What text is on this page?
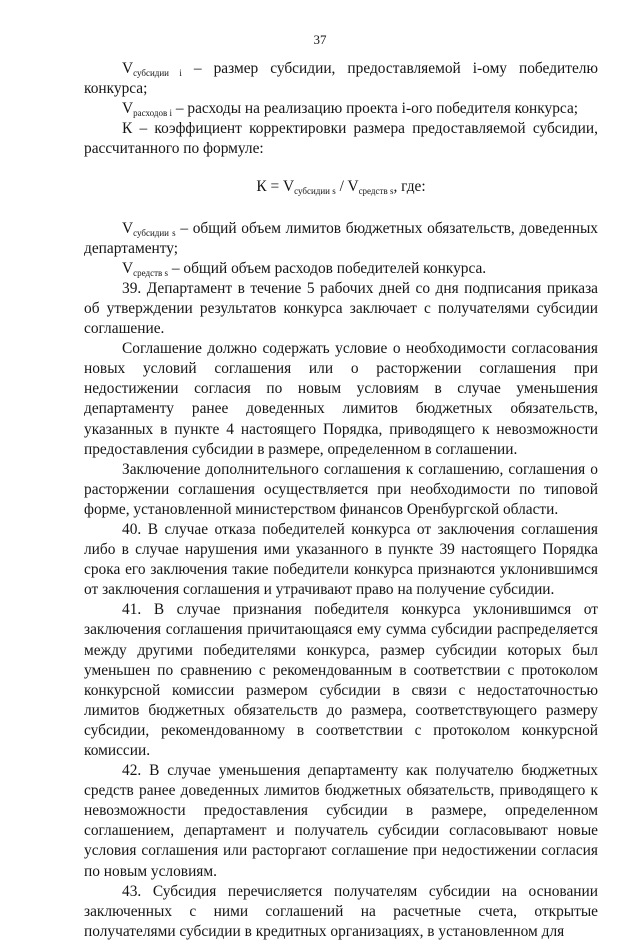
37

$V_{субсидии i}$ – размер субсидии, предоставляемой i-ому победителю конкурса;

$V_{расходов i}$ – расходы на реализацию проекта i-ого победителя конкурса;

К – коэффициент корректировки размера предоставляемой субсидии, рассчитанного по формуле:

$К = V_{субсидии s} / V_{средств s}$, где:

$V_{субсидии s}$ – общий объем лимитов бюджетных обязательств, доведенных департаменту;

$V_{средств s}$ – общий объем расходов победителей конкурса.

39. Департамент в течение 5 рабочих дней со дня подписания приказа об утверждении результатов конкурса заключает с получателями субсидии соглашение.

Соглашение должно содержать условие о необходимости согласования новых условий соглашения или о расторжении соглашения при недостижении согласия по новым условиям в случае уменьшения департаменту ранее доведенных лимитов бюджетных обязательств, указанных в пункте 4 настоящего Порядка, приводящего к невозможности предоставления субсидии в размере, определенном в соглашении.

Заключение дополнительного соглашения к соглашению, соглашения о расторжении соглашения осуществляется при необходимости по типовой форме, установленной министерством финансов Оренбургской области.

40. В случае отказа победителей конкурса от заключения соглашения либо в случае нарушения ими указанного в пункте 39 настоящего Порядка срока его заключения такие победители конкурса признаются уклонившимся от заключения соглашения и утрачивают право на получение субсидии.

41. В случае признания победителя конкурса уклонившимся от заключения соглашения причитающаяся ему сумма субсидии распределяется между другими победителями конкурса, размер субсидии которых был уменьшен по сравнению с рекомендованным в соответствии с протоколом конкурсной комиссии размером субсидии в связи с недостаточностью лимитов бюджетных обязательств до размера, соответствующего размеру субсидии, рекомендованному в соответствии с протоколом конкурсной комиссии.

42. В случае уменьшения департаменту как получателю бюджетных средств ранее доведенных лимитов бюджетных обязательств, приводящего к невозможности предоставления субсидии в размере, определенном соглашением, департамент и получатель субсидии согласовывают новые условия соглашения или расторгают соглашение при недостижении согласия по новым условиям.

43. Субсидия перечисляется получателям субсидии на основании заключенных с ними соглашений на расчетные счета, открытые получателями субсидии в кредитных организациях, в установленном для
